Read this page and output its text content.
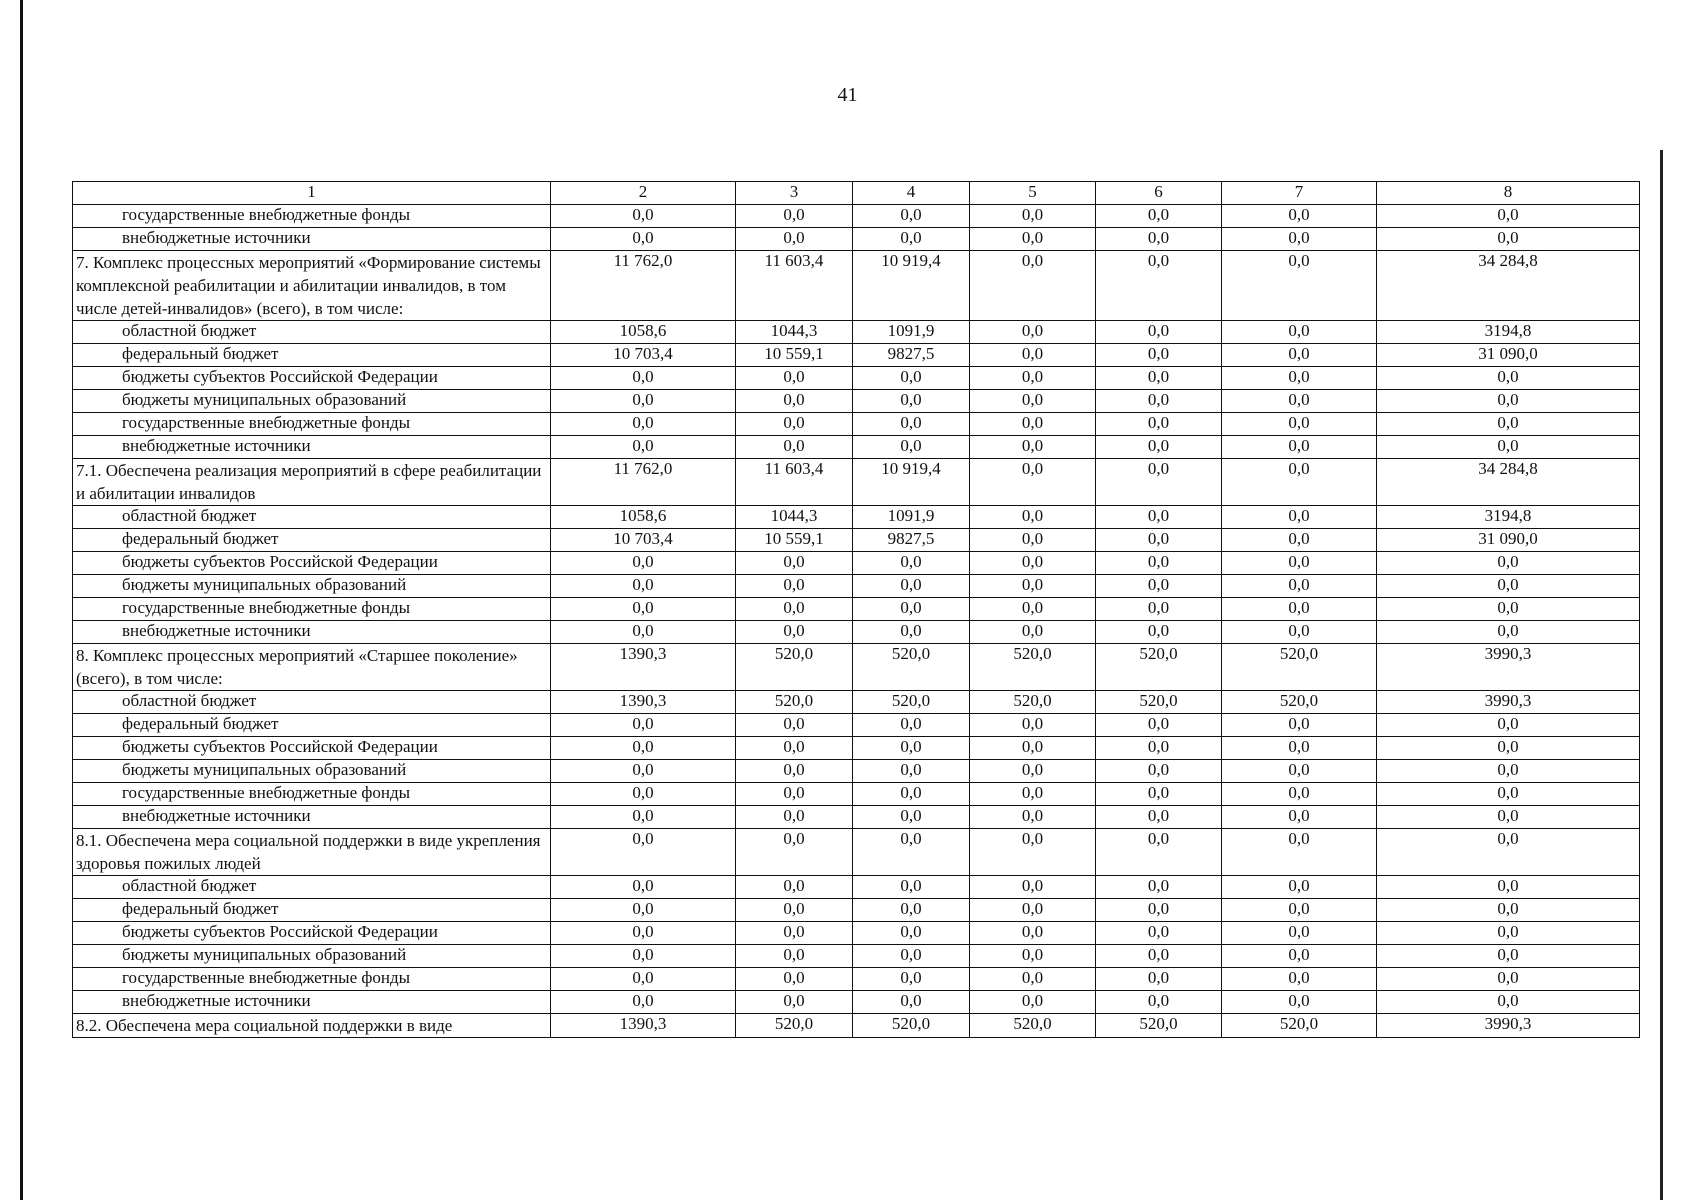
41
1	2	3	4	5	6	7	8
государственные внебюджетные фонды	0,0	0,0	0,0	0,0	0,0	0,0	0,0
внебюджетные источники	0,0	0,0	0,0	0,0	0,0	0,0	0,0
7. Комплекс процессных мероприятий «Формирование системы комплексной реабилитации и абилитации инвалидов, в том числе детей-инвалидов» (всего), в том числе:	11 762,0	11 603,4	10 919,4	0,0	0,0	0,0	34 284,8
областной бюджет	1058,6	1044,3	1091,9	0,0	0,0	0,0	3194,8
федеральный бюджет	10 703,4	10 559,1	9827,5	0,0	0,0	0,0	31 090,0
бюджеты субъектов Российской Федерации	0,0	0,0	0,0	0,0	0,0	0,0	0,0
бюджеты муниципальных образований	0,0	0,0	0,0	0,0	0,0	0,0	0,0
государственные внебюджетные фонды	0,0	0,0	0,0	0,0	0,0	0,0	0,0
внебюджетные источники	0,0	0,0	0,0	0,0	0,0	0,0	0,0
7.1. Обеспечена реализация мероприятий в сфере реабилитации и абилитации инвалидов	11 762,0	11 603,4	10 919,4	0,0	0,0	0,0	34 284,8
областной бюджет	1058,6	1044,3	1091,9	0,0	0,0	0,0	3194,8
федеральный бюджет	10 703,4	10 559,1	9827,5	0,0	0,0	0,0	31 090,0
бюджеты субъектов Российской Федерации	0,0	0,0	0,0	0,0	0,0	0,0	0,0
бюджеты муниципальных образований	0,0	0,0	0,0	0,0	0,0	0,0	0,0
государственные внебюджетные фонды	0,0	0,0	0,0	0,0	0,0	0,0	0,0
внебюджетные источники	0,0	0,0	0,0	0,0	0,0	0,0	0,0
8. Комплекс процессных мероприятий «Старшее поколение» (всего), в том числе:	1390,3	520,0	520,0	520,0	520,0	520,0	3990,3
областной бюджет	1390,3	520,0	520,0	520,0	520,0	520,0	3990,3
федеральный бюджет	0,0	0,0	0,0	0,0	0,0	0,0	0,0
бюджеты субъектов Российской Федерации	0,0	0,0	0,0	0,0	0,0	0,0	0,0
бюджеты муниципальных образований	0,0	0,0	0,0	0,0	0,0	0,0	0,0
государственные внебюджетные фонды	0,0	0,0	0,0	0,0	0,0	0,0	0,0
внебюджетные источники	0,0	0,0	0,0	0,0	0,0	0,0	0,0
8.1. Обеспечена мера социальной поддержки в виде укрепления здоровья пожилых людей	0,0	0,0	0,0	0,0	0,0	0,0	0,0
областной бюджет	0,0	0,0	0,0	0,0	0,0	0,0	0,0
федеральный бюджет	0,0	0,0	0,0	0,0	0,0	0,0	0,0
бюджеты субъектов Российской Федерации	0,0	0,0	0,0	0,0	0,0	0,0	0,0
бюджеты муниципальных образований	0,0	0,0	0,0	0,0	0,0	0,0	0,0
государственные внебюджетные фонды	0,0	0,0	0,0	0,0	0,0	0,0	0,0
внебюджетные источники	0,0	0,0	0,0	0,0	0,0	0,0	0,0
8.2. Обеспечена мера социальной поддержки в виде	1390,3	520,0	520,0	520,0	520,0	520,0	3990,3
